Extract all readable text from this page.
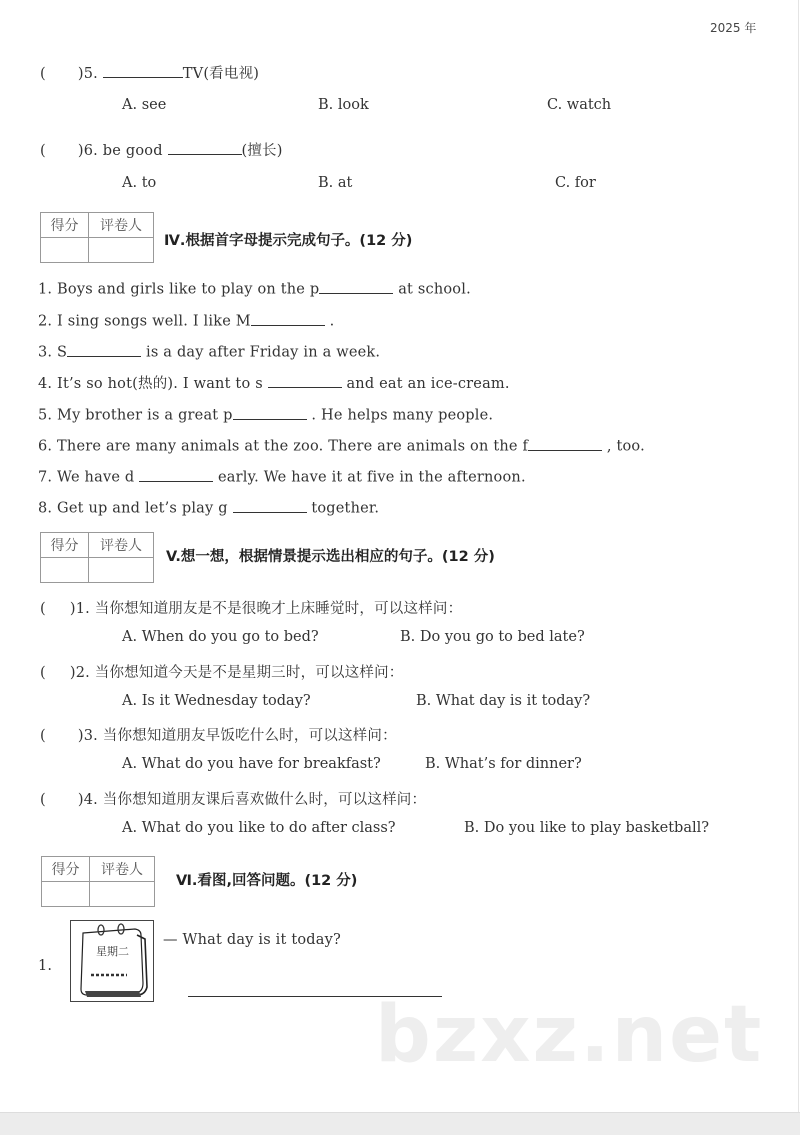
2025 年
( )5.	TV(看电视)
A. see	B. look	C. watch
( )6. be good	(擅长)
A. to	B. at	C. for
得分	评卷人

Ⅳ.根据首字母提示完成句子。(12 分)
1. Boys and girls like to play on the p	at school.
2. I sing songs well. I like M	.
3. S	is a day after Friday in a week.
4. It’s so hot(热的). I want to s	and eat an ice-cream.
5. My brother is a great p	. He helps many people.
6. There are many animals at the zoo. There are animals on the f	, too.
7. We have d	early. We have it at five in the afternoon.
8. Get up and let’s play g	together.
得分	评卷人

V.想一想，根据情景提示选出相应的句子。(12 分)
( )1. 当你想知道朋友是不是很晚才上床睡觉时，可以这样问：
A. When do you go to bed?	B. Do you go to bed late?
( )2. 当你想知道今天是不是星期三时，可以这样问：
A. Is it Wednesday today?	B. What day is it today?
( )3. 当你想知道朋友早饭吃什么时，可以这样问：
A. What do you have for breakfast?	B. What’s for dinner?
( )4. 当你想知道朋友课后喜欢做什么时，可以这样问：
A. What do you like to do after class?	B. Do you like to play basketball?
得分	评卷人

Ⅵ.看图,回答问题。(12 分)
1.
星期二
— What day is it today?
bzxz.net
